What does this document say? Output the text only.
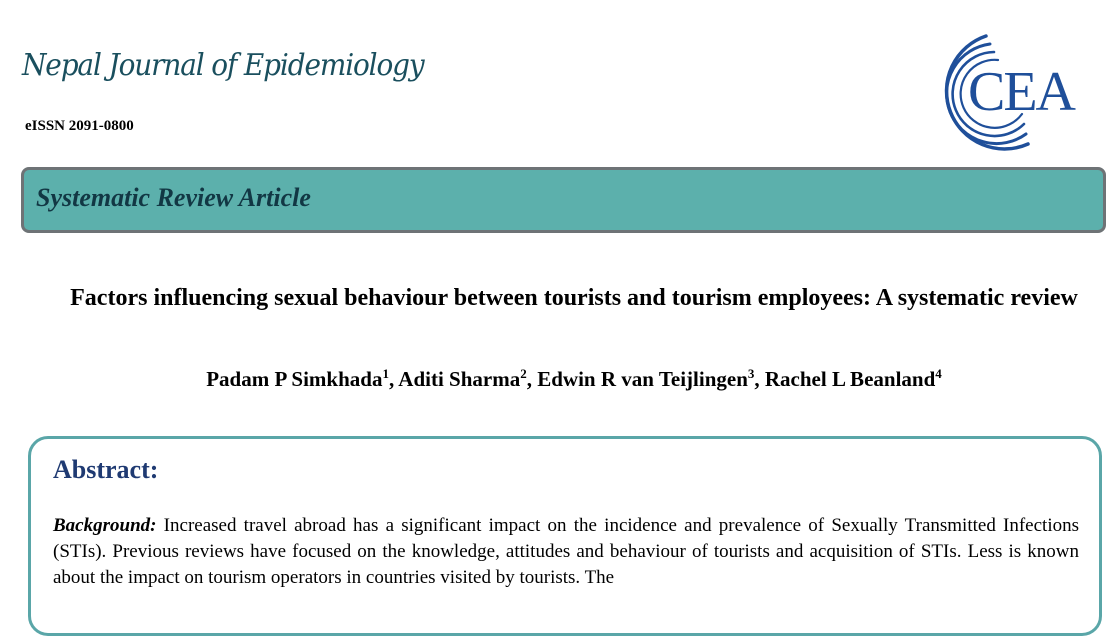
Nepal Journal of Epidemiology
eISSN 2091-0800
CEA
Systematic Review Article
Factors influencing sexual behaviour between tourists and tourism employees: A systematic review
Padam P Simkhada$^1$, Aditi Sharma$^2$, Edwin R van Teijlingen$^3$, Rachel L Beanland$^4$
Abstract:
Background: Increased travel abroad has a significant impact on the incidence and prevalence of Sexually Transmitted Infections (STIs). Previous reviews have focused on the knowledge, attitudes and behaviour of tourists and acquisition of STIs. Less is known about the impact on tourism operators in countries visited by tourists. The
